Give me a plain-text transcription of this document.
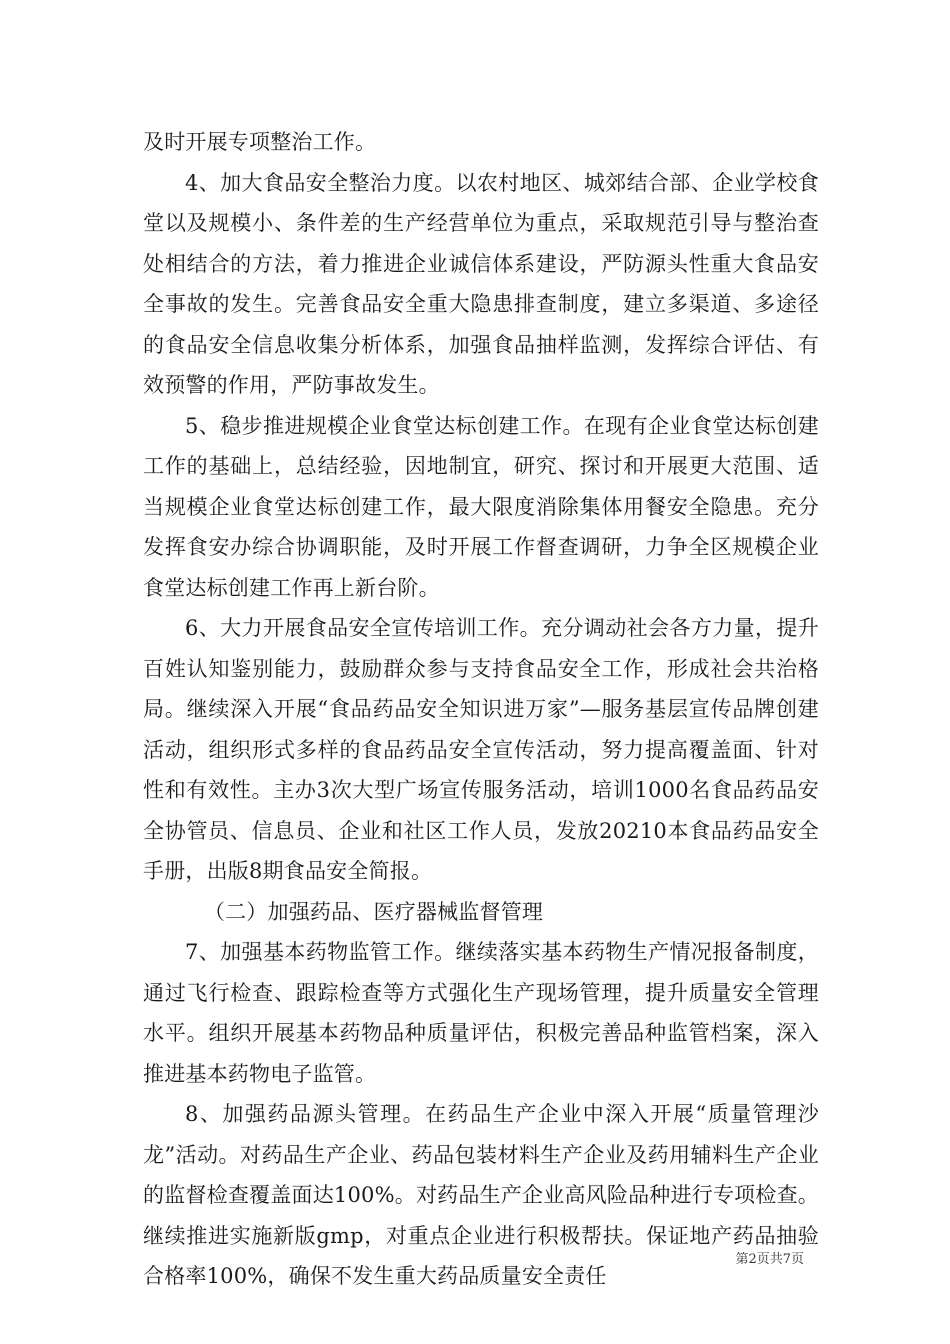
及时开展专项整治工作。

4、加大食品安全整治力度。以农村地区、城郊结合部、企业学校食堂以及规模小、条件差的生产经营单位为重点，采取规范引导与整治查处相结合的方法，着力推进企业诚信体系建设，严防源头性重大食品安全事故的发生。完善食品安全重大隐患排查制度，建立多渠道、多途径的食品安全信息收集分析体系，加强食品抽样监测，发挥综合评估、有效预警的作用，严防事故发生。

5、稳步推进规模企业食堂达标创建工作。在现有企业食堂达标创建工作的基础上，总结经验，因地制宜，研究、探讨和开展更大范围、适当规模企业食堂达标创建工作，最大限度消除集体用餐安全隐患。充分发挥食安办综合协调职能，及时开展工作督查调研，力争全区规模企业食堂达标创建工作再上新台阶。

6、大力开展食品安全宣传培训工作。充分调动社会各方力量，提升百姓认知鉴别能力，鼓励群众参与支持食品安全工作，形成社会共治格局。继续深入开展“食品药品安全知识进万家”—服务基层宣传品牌创建活动，组织形式多样的食品药品安全宣传活动，努力提高覆盖面、针对性和有效性。主办3次大型广场宣传服务活动，培训1000名食品药品安全协管员、信息员、企业和社区工作人员，发放20210本食品药品安全手册，出版8期食品安全简报。

（二）加强药品、医疗器械监督管理

7、加强基本药物监管工作。继续落实基本药物生产情况报备制度，通过飞行检查、跟踪检查等方式强化生产现场管理，提升质量安全管理水平。组织开展基本药物品种质量评估，积极完善品种监管档案，深入推进基本药物电子监管。

8、加强药品源头管理。在药品生产企业中深入开展“质量管理沙龙”活动。对药品生产企业、药品包装材料生产企业及药用辅料生产企业的监督检查覆盖面达100%。对药品生产企业高风险品种进行专项检查。继续推进实施新版gmp，对重点企业进行积极帮扶。保证地产药品抽验合格率100%，确保不发生重大药品质量安全责任

第2页共7页
